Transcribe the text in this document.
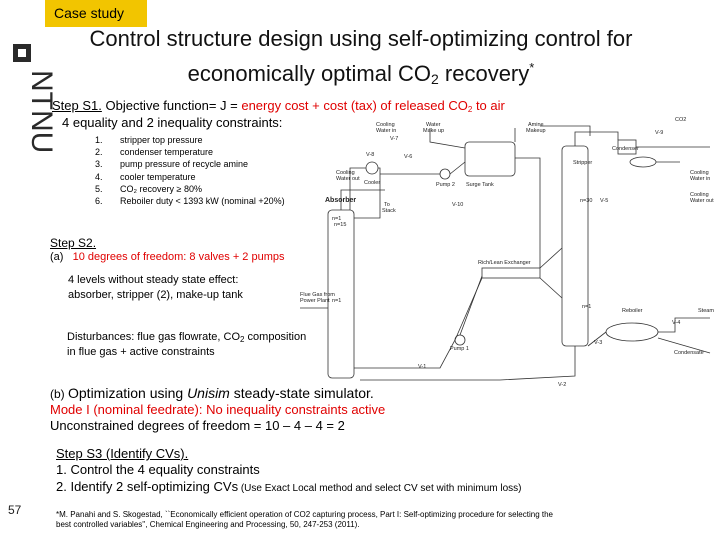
NTNU
57
Case study
Control structure design using self-optimizing control for economically optimal $CO_2$ recovery*
Step S1. Objective function= J = energy cost + cost (tax) of released $CO_2$ to air
4 equality and 2 inequality constraints:
1. stripper top pressure
2. condenser temperature
3. pump pressure of recycle amine
4. cooler temperature
5. CO₂ recovery ≥ 80%
6. Reboiler duty < 1393 kW (nominal +20%)
Step S2.
(a) 10 degrees of freedom: 8 valves + 2 pumps
4 levels without steady state effect:
absorber, stripper (2), make-up tank
Disturbances: flue gas flowrate, $CO_2$ composition
in flue gas + active constraints
(b) Optimization using Unisim steady-state simulator.
Mode I (nominal feedrate): No inequality constraints active
Unconstrained degrees of freedom = 10 – 4 – 4 = 2
Step S3 (Identify CVs).
1. Control the 4 equality constraints
2. Identify 2 self-optimizing CVs (Use Exact Local method and select CV set with minimum loss)
*M. Panahi and S. Skogestad, ``Economically efficient operation of CO2 capturing process, Part I: Self-optimizing procedure for selecting the
best controlled variables'', Chemical Engineering and Processing, 50, 247-253 (2011).
Cooling
Water in
Water
Make up
Amine
Makeup
CO2
V-9
V-8
V-7
V-6
Condenser
Stripper
Cooling
Water in
Cooling
Water out
Cooler	Pump 2 Surge Tank
Cooling
Water out
Absorber
To
Stack
V-10
n=1
n=30 V-5
n=15
Rich/Lean Exchanger
Flue Gas from
Power Plant n=1
n=1
Reboiler
V-4
Steam
V-3
Condensate
Pump 1
V-2
V-1
